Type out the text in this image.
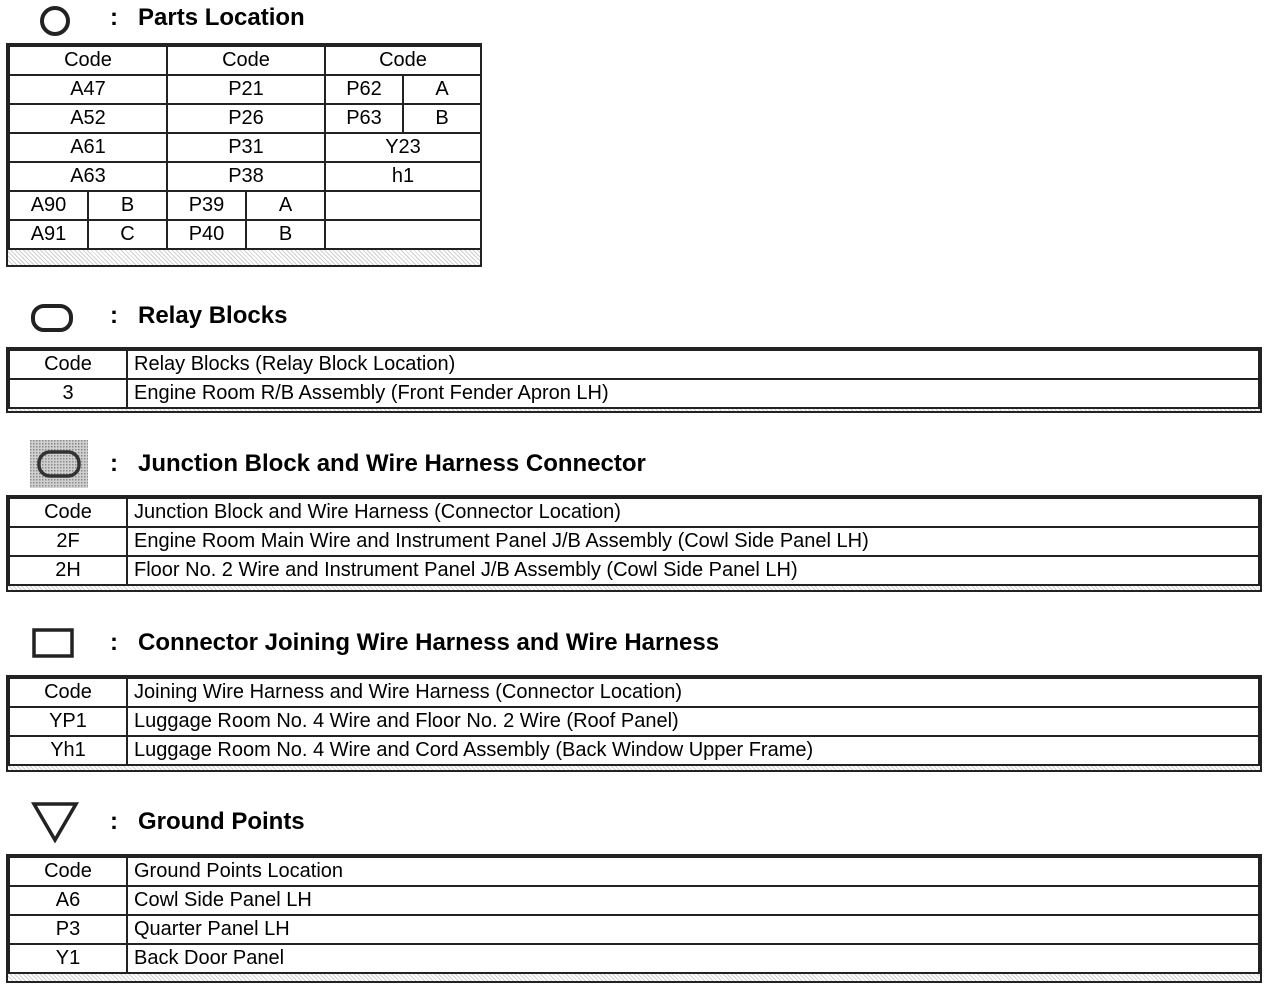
: Parts Location
Code		Code		Code	
A47		P21		P62	A
A52		P26		P63	B
A61		P31		Y23	
A63		P38		h1	
A90	B	P39	A		
A91	C	P40	B		
: Relay Blocks
Code	Relay Blocks (Relay Block Location)
3	Engine Room R/B Assembly (Front Fender Apron LH)
: Junction Block and Wire Harness Connector
Code	Junction Block and Wire Harness (Connector Location)
2F	Engine Room Main Wire and Instrument Panel J/B Assembly (Cowl Side Panel LH)
2H	Floor No. 2 Wire and Instrument Panel J/B Assembly (Cowl Side Panel LH)
: Connector Joining Wire Harness and Wire Harness
Code	Joining Wire Harness and Wire Harness (Connector Location)
YP1	Luggage Room No. 4 Wire and Floor No. 2 Wire (Roof Panel)
Yh1	Luggage Room No. 4 Wire and Cord Assembly (Back Window Upper Frame)
: Ground Points
Code	Ground Points Location
A6	Cowl Side Panel LH
P3	Quarter Panel LH
Y1	Back Door Panel
